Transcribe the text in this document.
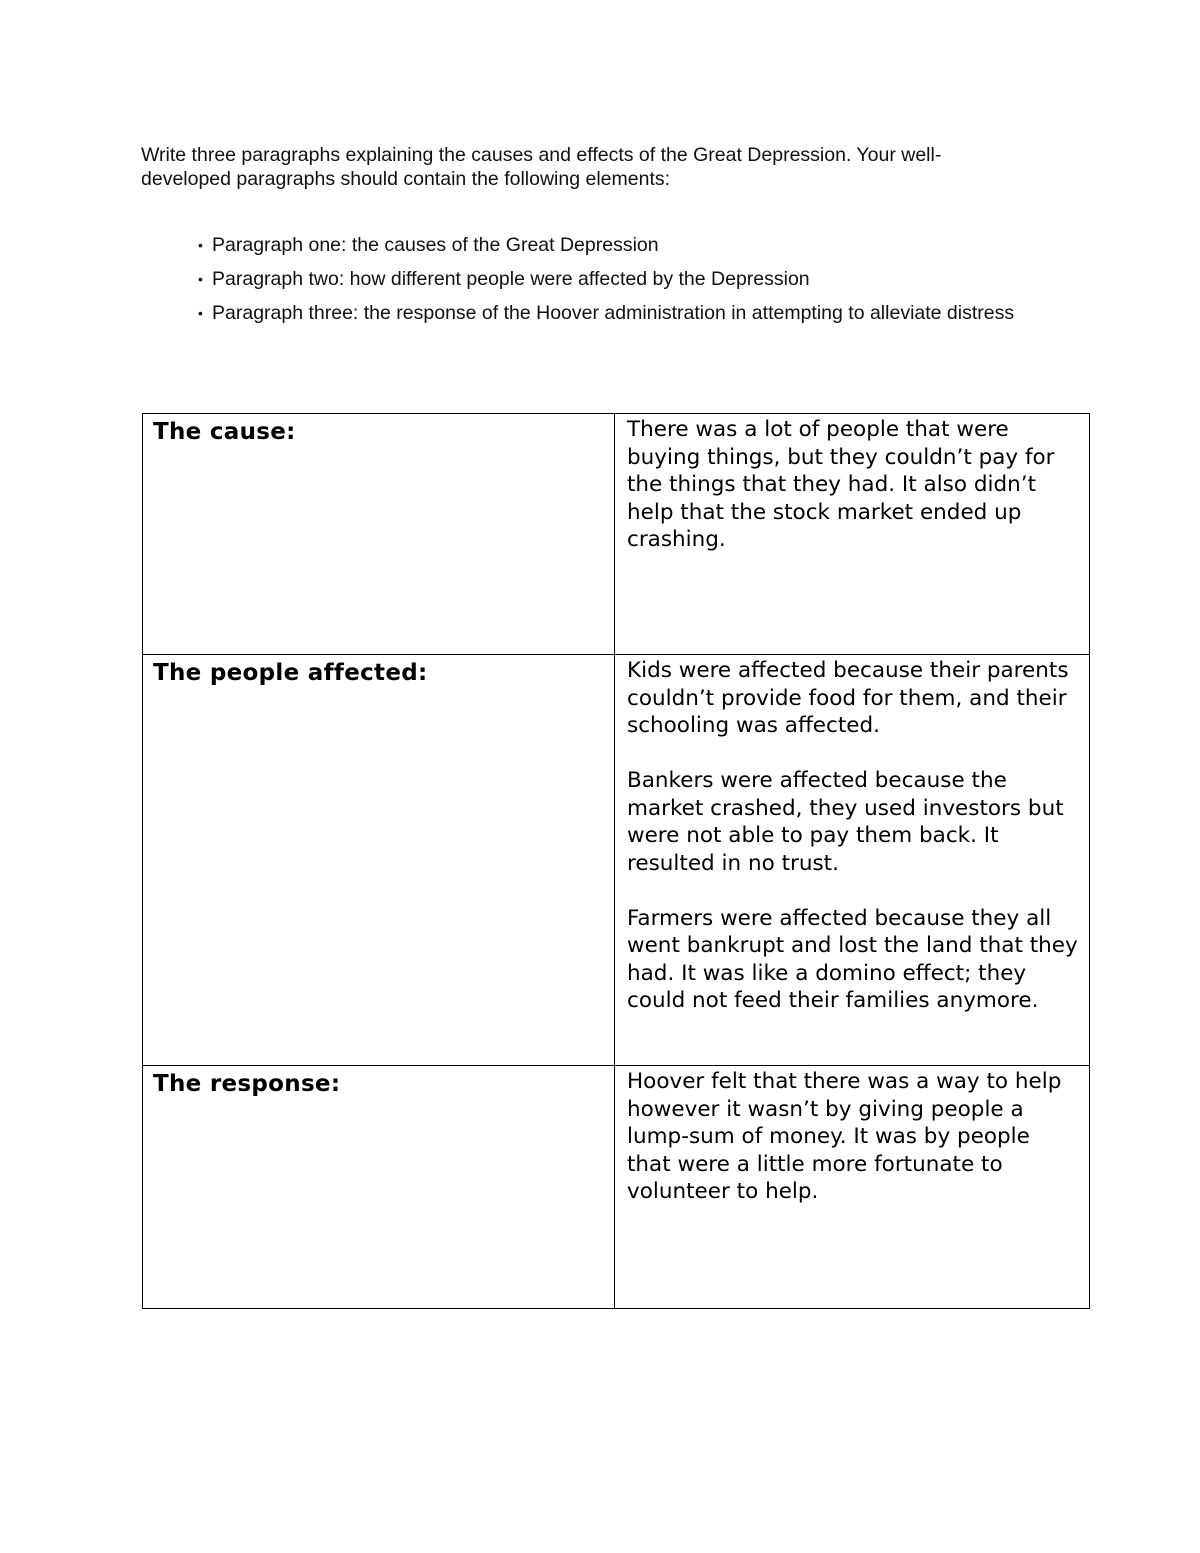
Write three paragraphs explaining the causes and effects of the Great Depression. Your well-developed paragraphs should contain the following elements:

• Paragraph one: the causes of the Great Depression
• Paragraph two: how different people were affected by the Depression
• Paragraph three: the response of the Hoover administration in attempting to alleviate distress
The cause:	There was a lot of people that were buying things, but they couldn’t pay for the things that they had. It also didn’t help that the stock market ended up crashing.

The people affected:	Kids were affected because their parents couldn’t provide food for them, and their schooling was affected.

Bankers were affected because the market crashed, they used investors but were not able to pay them back. It resulted in no trust.

Farmers were affected because they all went bankrupt and lost the land that they had. It was like a domino effect; they could not feed their families anymore.

The response:	Hoover felt that there was a way to help however it wasn’t by giving people a lump-sum of money. It was by people that were a little more fortunate to volunteer to help.
